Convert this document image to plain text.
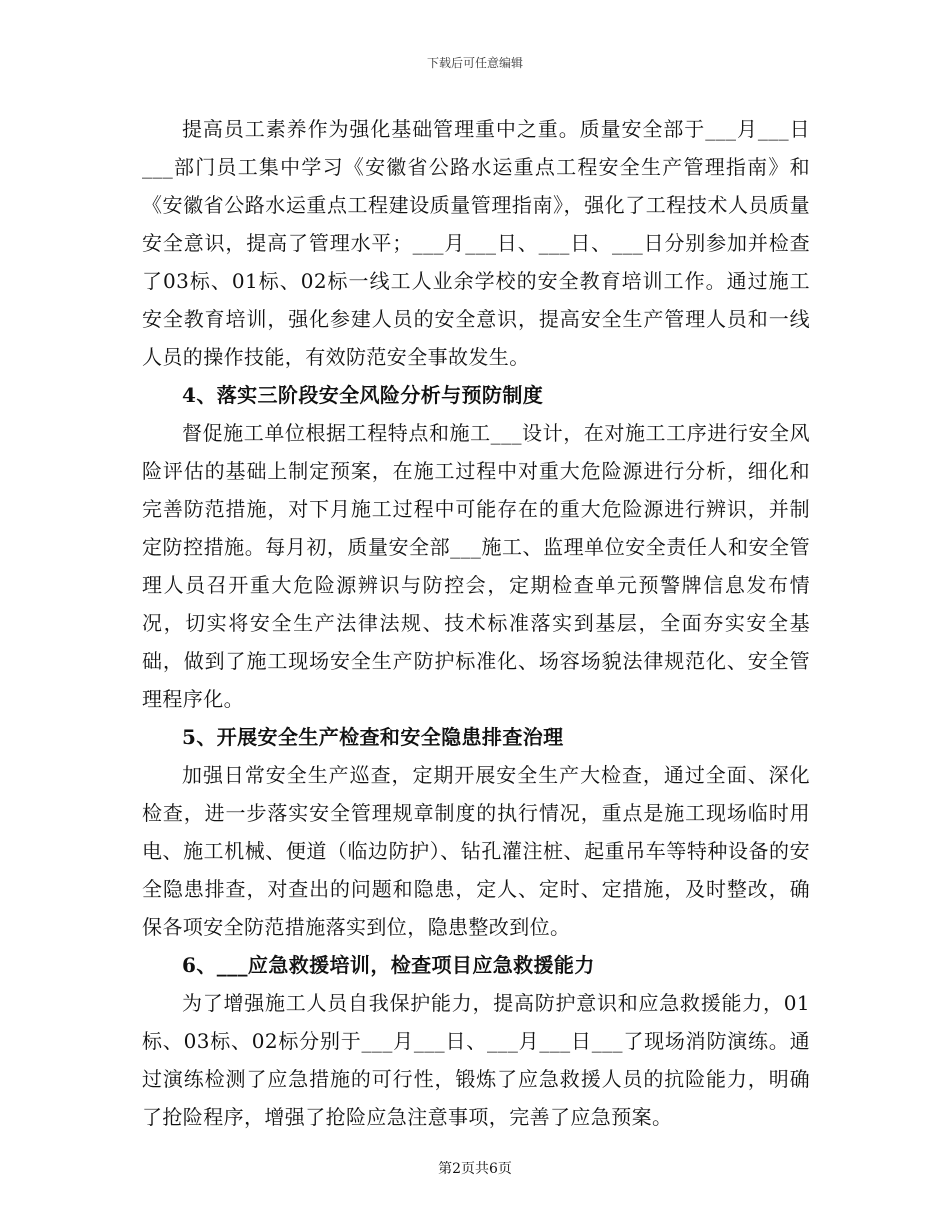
下载后可任意编辑

提高员工素养作为强化基础管理重中之重。质量安全部于___月___日___部门员工集中学习《安徽省公路水运重点工程安全生产管理指南》和《安徽省公路水运重点工程建设质量管理指南》，强化了工程技术人员质量安全意识，提高了管理水平；___月___日、___日、___日分别参加并检查了03标、01标、02标一线工人业余学校的安全教育培训工作。通过施工安全教育培训，强化参建人员的安全意识，提高安全生产管理人员和一线人员的操作技能，有效防范安全事故发生。

4、落实三阶段安全风险分析与预防制度

督促施工单位根据工程特点和施工___设计，在对施工工序进行安全风险评估的基础上制定预案，在施工过程中对重大危险源进行分析，细化和完善防范措施，对下月施工过程中可能存在的重大危险源进行辨识，并制定防控措施。每月初，质量安全部___施工、监理单位安全责任人和安全管理人员召开重大危险源辨识与防控会，定期检查单元预警牌信息发布情况，切实将安全生产法律法规、技术标准落实到基层，全面夯实安全基础，做到了施工现场安全生产防护标准化、场容场貌法律规范化、安全管理程序化。

5、开展安全生产检查和安全隐患排查治理

加强日常安全生产巡查，定期开展安全生产大检查，通过全面、深化检查，进一步落实安全管理规章制度的执行情况，重点是施工现场临时用电、施工机械、便道（临边防护）、钻孔灌注桩、起重吊车等特种设备的安全隐患排查，对查出的问题和隐患，定人、定时、定措施，及时整改，确保各项安全防范措施落实到位，隐患整改到位。

6、___应急救援培训，检查项目应急救援能力

为了增强施工人员自我保护能力，提高防护意识和应急救援能力，01标、03标、02标分别于___月___日、___月___日___了现场消防演练。通过演练检测了应急措施的可行性，锻炼了应急救援人员的抗险能力，明确了抢险程序，增强了抢险应急注意事项，完善了应急预案。

第2页共6页
